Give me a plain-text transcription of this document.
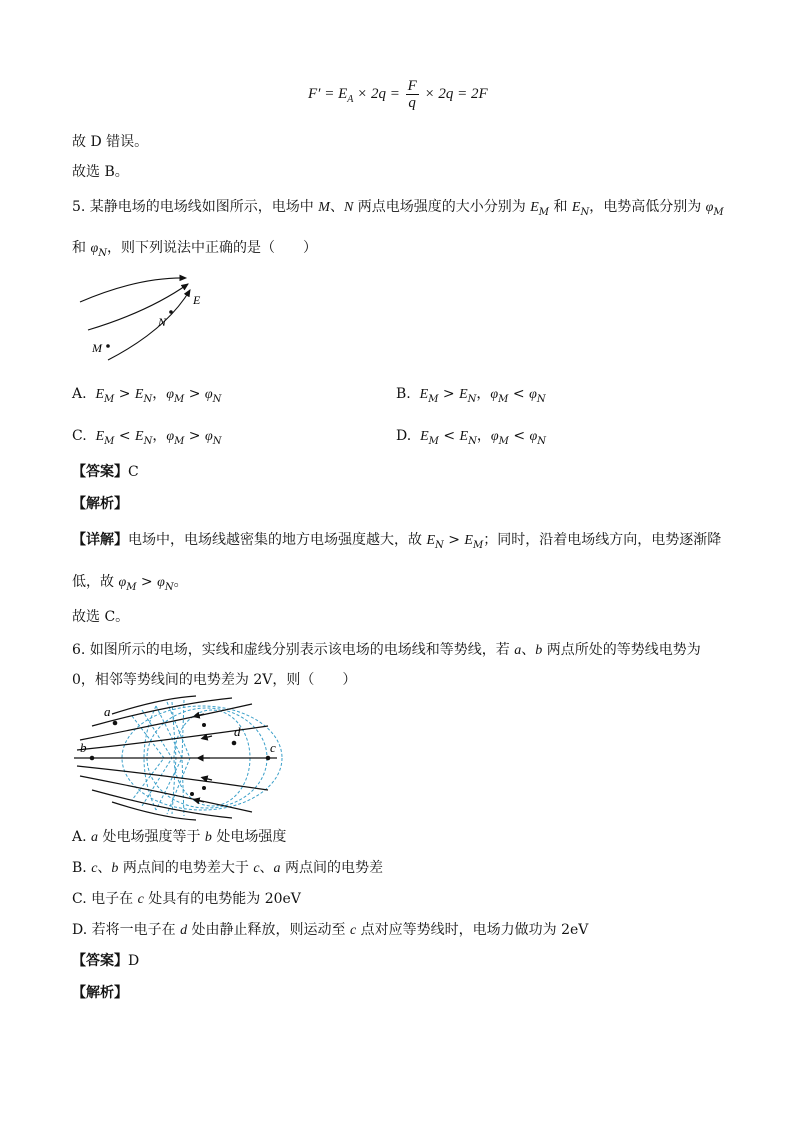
$F' = E_A \times 2q = \frac{F}{q} \times 2q = 2F$
故 D 错误。
故选 B。
5. 某静电场的电场线如图所示，电场中 M、N 两点电场强度的大小分别为 $E_M$ 和 $E_N$，电势高低分别为 $\varphi_M$
和 $\varphi_N$，则下列说法中正确的是（　　）
E
N
M
A. $E_M > E_N$，$\varphi_M > \varphi_N$	B. $E_M > E_N$，$\varphi_M < \varphi_N$
C. $E_M < E_N$，$\varphi_M > \varphi_N$	D. $E_M < E_N$，$\varphi_M < \varphi_N$
【答案】C
【解析】
【详解】电场中，电场线越密集的地方电场强度越大，故 $E_N > E_M$；同时，沿着电场线方向，电势逐渐降
低，故 $\varphi_M > \varphi_N$。
故选 C。
6. 如图所示的电场，实线和虚线分别表示该电场的电场线和等势线，若 a、b 两点所处的等势线电势为
0，相邻等势线间的电势差为 2V，则（　　）
a
b	c
d
A. a 处电场强度等于 b 处电场强度
B. c、b 两点间的电势差大于 c、a 两点间的电势差
C. 电子在 c 处具有的电势能为 20eV
D. 若将一电子在 d 处由静止释放，则运动至 c 点对应等势线时，电场力做功为 2eV
【答案】D
【解析】
